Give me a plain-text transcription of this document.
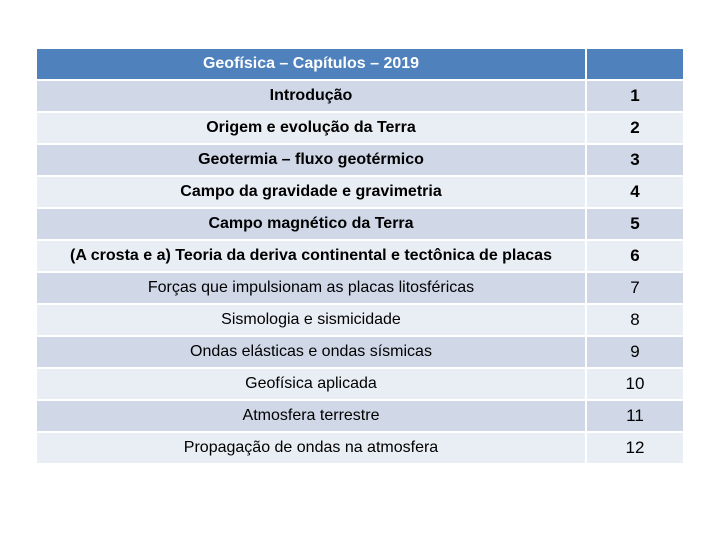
Geofísica – Capítulos – 2019	
Introdução	1
Origem e evolução da Terra	2
Geotermia – fluxo geotérmico	3
Campo da gravidade e gravimetria	4
Campo magnético da Terra	5
(A crosta e a) Teoria da deriva continental e tectônica de placas	6
Forças que impulsionam as placas litosféricas	7
Sismologia e sismicidade	8
Ondas elásticas e ondas sísmicas	9
Geofísica aplicada	10
Atmosfera terrestre	11
Propagação de ondas na atmosfera	12
